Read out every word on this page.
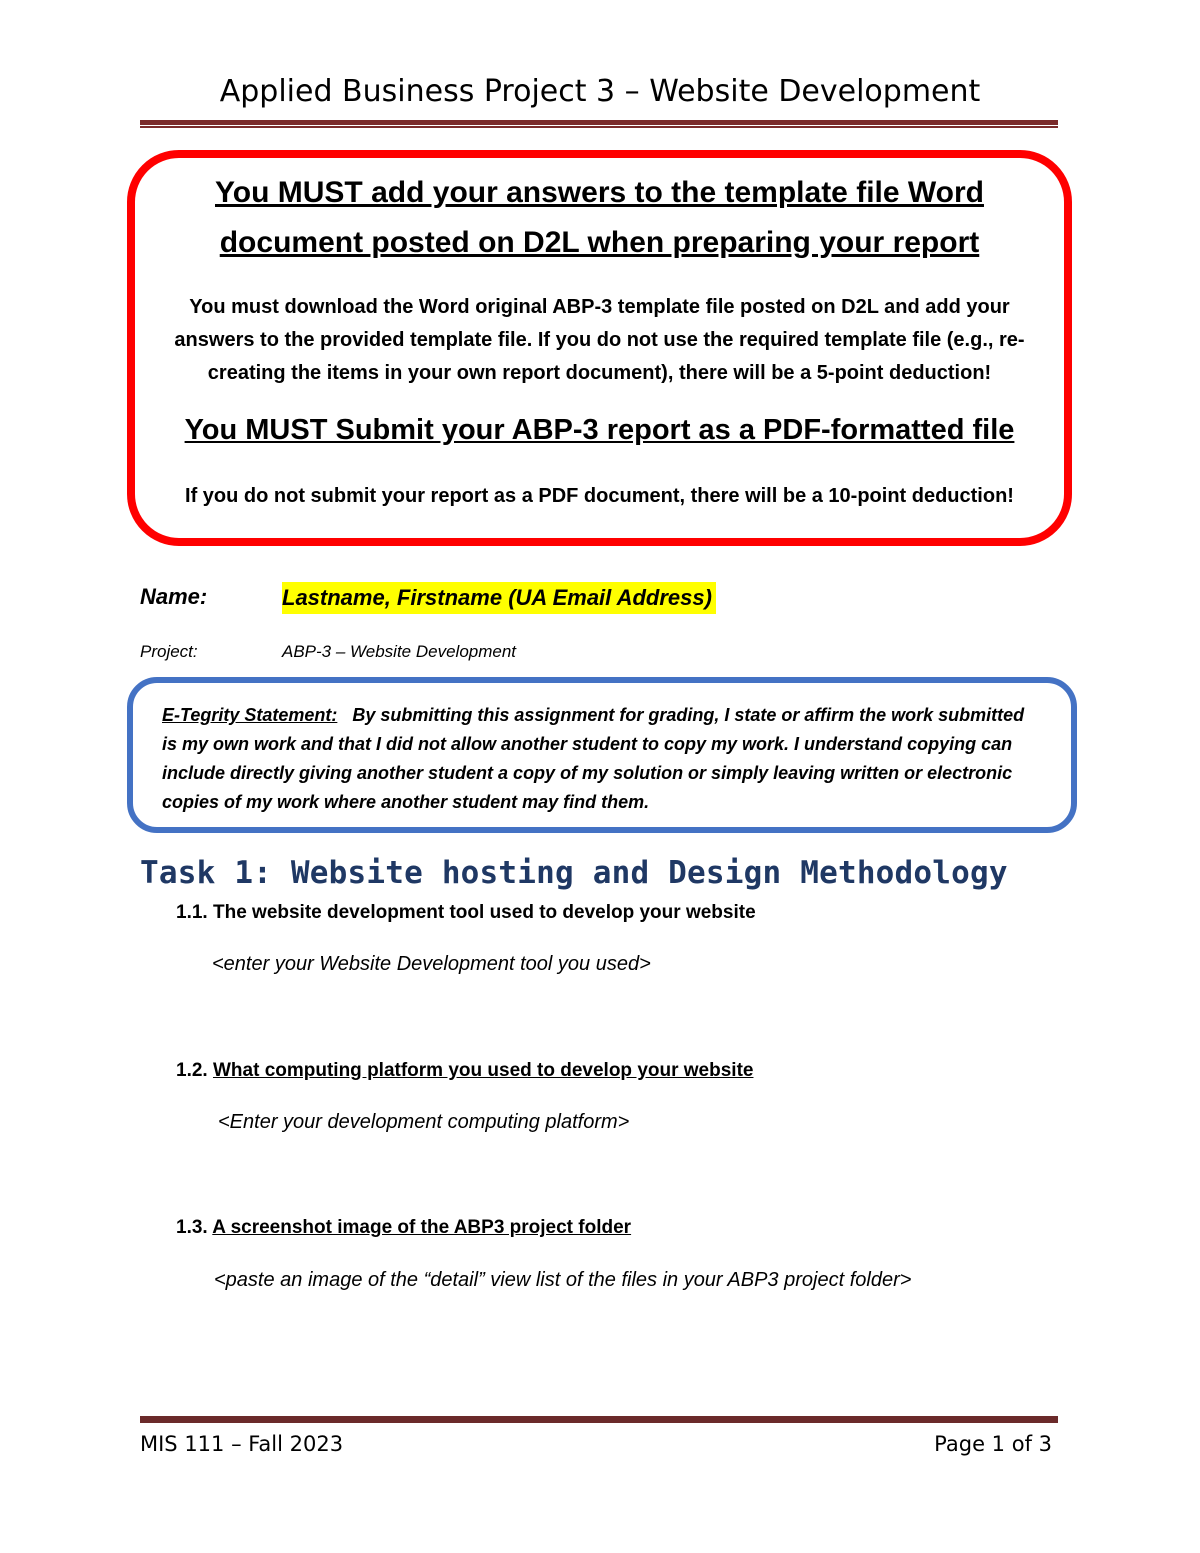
Applied Business Project 3 – Website Development
You MUST add your answers to the template file Word
document posted on D2L when preparing your report
You must download the Word original ABP-3 template file posted on D2L and add your
answers to the provided template file. If you do not use the required template file (e.g., re-
creating the items in your own report document), there will be a 5-point deduction!
You MUST Submit your ABP-3 report as a PDF-formatted file
If you do not submit your report as a PDF document, there will be a 10-point deduction!
Name:	Lastname, Firstname (UA Email Address)
Project:	ABP-3 – Website Development
E-Tegrity Statement: By submitting this assignment for grading, I state or affirm the work submitted
is my own work and that I did not allow another student to copy my work. I understand copying can
include directly giving another student a copy of my solution or simply leaving written or electronic
copies of my work where another student may find them.
Task 1: Website hosting and Design Methodology
1.1. The website development tool used to develop your website
<enter your Website Development tool you used>
1.2. What computing platform you used to develop your website
<Enter your development computing platform>
1.3. A screenshot image of the ABP3 project folder
<paste an image of the “detail” view list of the files in your ABP3 project folder>
MIS 111 – Fall 2023	Page 1 of 3
